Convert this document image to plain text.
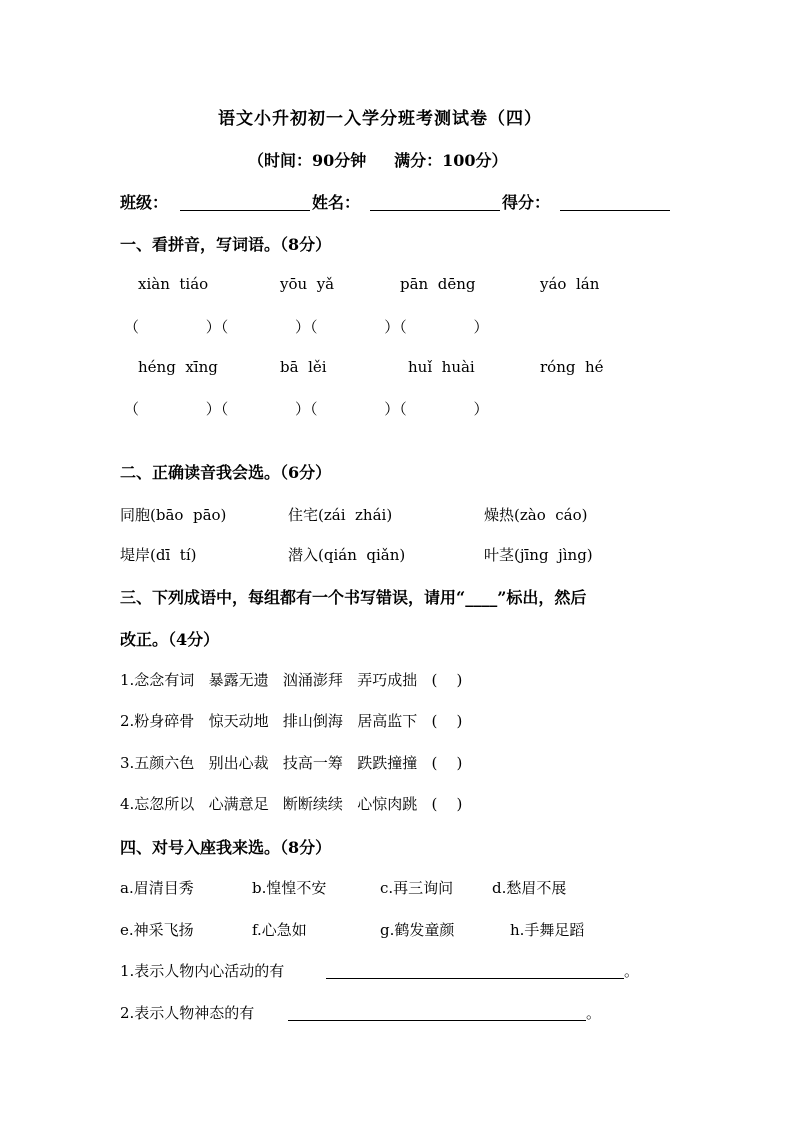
语文小升初初一入学分班考测试卷（四）
（时间：90分钟     满分：100分）
班级：	姓名：	得分：
一、看拼音，写词语。（8分）
xiàn  tiáo	yōu  yǎ	pān  dēng	yáo  lán
（              ）（              ）（              ）（              ）
héng  xīng	bā  lěi	huǐ  huài	róng  hé
（              ）（              ）（              ）（              ）
二、正确读音我会选。（6分）
同胞(bāo  pāo)	住宅(zái  zhái)	燥热(zào  cáo)
堤岸(dī  tí)	潜入(qián  qiǎn)	叶茎(jīng  jìng)
三、下列成语中，每组都有一个书写错误，请用“____”标出，然后
改正。（4分）
1.念念有词   暴露无遗   汹涌澎拜   弄巧成拙   (    )
2.粉身碎骨   惊天动地   排山倒海   居高监下   (    )
3.五颜六色   别出心裁   技高一筹   跌跌撞撞   (    )
4.忘忽所以   心满意足   断断续续   心惊肉跳   (    )
四、对号入座我来选。（8分）
a.眉清目秀	b.惶惶不安	c.再三询问	d.愁眉不展
e.神采飞扬	f.心急如	g.鹤发童颜	h.手舞足蹈
1.表示人物内心活动的有	。
2.表示人物神态的有	。
